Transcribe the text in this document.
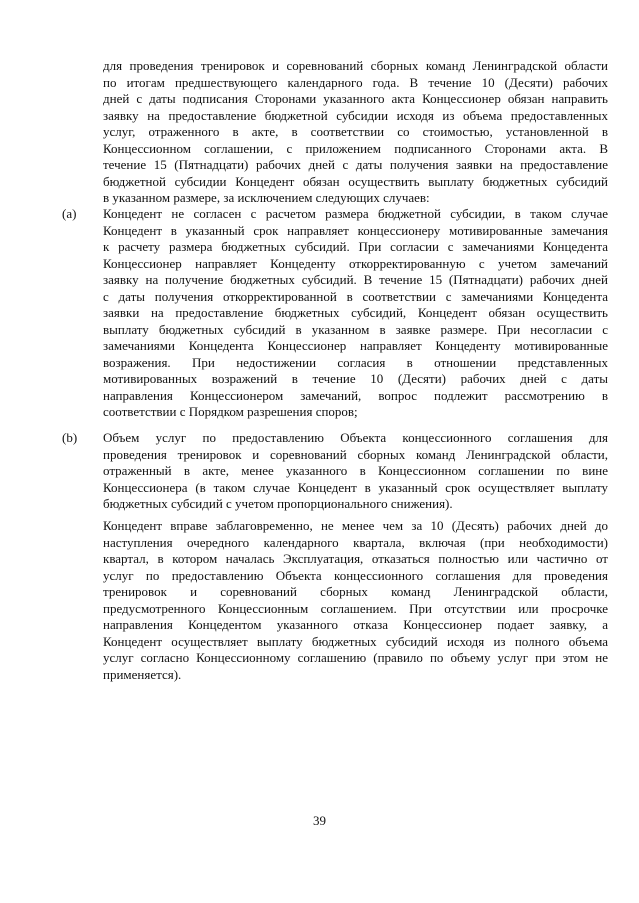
для проведения тренировок и соревнований сборных команд Ленинградской области
по итогам предшествующего календарного года. В течение 10 (Десяти) рабочих
дней с даты подписания Сторонами указанного акта Концессионер обязан направить
заявку на предоставление бюджетной субсидии исходя из объема предоставленных
услуг, отраженного в акте, в соответствии со стоимостью, установленной в
Концессионном соглашении, с приложением подписанного Сторонами акта. В
течение 15 (Пятнадцати) рабочих дней с даты получения заявки на предоставление
бюджетной субсидии Концедент обязан осуществить выплату бюджетных субсидий
в указанном размере, за исключением следующих случаев:
(a) Концедент не согласен с расчетом размера бюджетной субсидии, в таком случае
Концедент в указанный срок направляет концессионеру мотивированные замечания
к расчету размера бюджетных субсидий. При согласии с замечаниями Концедента
Концессионер направляет Концеденту откорректированную с учетом замечаний
заявку на получение бюджетных субсидий. В течение 15 (Пятнадцати) рабочих дней
с даты получения откорректированной в соответствии с замечаниями Концедента
заявки на предоставление бюджетных субсидий, Концедент обязан осуществить
выплату бюджетных субсидий в указанном в заявке размере. При несогласии с
замечаниями Концедента Концессионер направляет Концеденту мотивированные
возражения. При недостижении согласия в отношении представленных
мотивированных возражений в течение 10 (Десяти) рабочих дней с даты
направления Концессионером замечаний, вопрос подлежит рассмотрению в
соответствии с Порядком разрешения споров;
(b) Объем услуг по предоставлению Объекта концессионного соглашения для
проведения тренировок и соревнований сборных команд Ленинградской области,
отраженный в акте, менее указанного в Концессионном соглашении по вине
Концессионера (в таком случае Концедент в указанный срок осуществляет выплату
бюджетных субсидий с учетом пропорционального снижения).
Концедент вправе заблаговременно, не менее чем за 10 (Десять) рабочих дней до
наступления очередного календарного квартала, включая (при необходимости)
квартал, в котором началась Эксплуатация, отказаться полностью или частично от
услуг по предоставлению Объекта концессионного соглашения для проведения
тренировок и соревнований сборных команд Ленинградской области,
предусмотренного Концессионным соглашением. При отсутствии или просрочке
направления Концедентом указанного отказа Концессионер подает заявку, а
Концедент осуществляет выплату бюджетных субсидий исходя из полного объема
услуг согласно Концессионному соглашению (правило по объему услуг при этом не
применяется).
39
